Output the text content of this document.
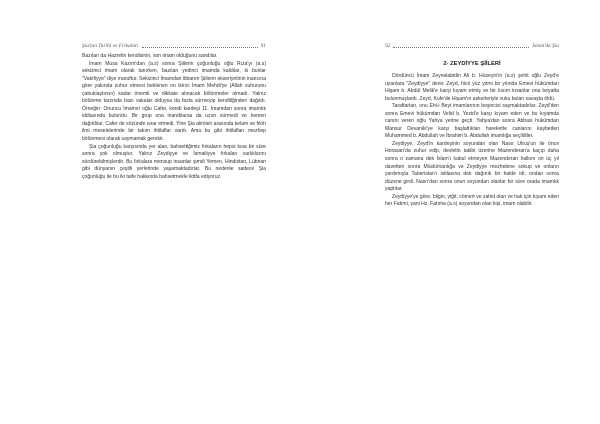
Şia'nın Tarihi ve Firkaları	91

Bazıları da Hazretin kendisinin, son imam olduğunu sandılar.

İmam Musa Kazım'dan (a.s) sonra Şiilerin çoğunluğu oğlu Rıza'yı (a.s) sekizinci imam olarak tanırken, bazıları yedinci imamda kaldılar, ki bunlar "Vakıfiyye" diye maruftur. Sekizinci İmamdan itibaren Şiilerin ekseriyetinin inancına göre yakında zuhur etmesi beklenen on ikinci İmam Mehdi'ye (Allah zuhurunu çabuklaştırsın) kadar önemli ve dikkate alınacak bölünmeler olmadı. Yalnız bölünme tarzında bazı vakalar olduysa da fazla sürmeyip kendiliğinden dağıldı. Örneğin: Onuncu İmamın oğlu Cafer, kendi kardeşi 11. İmamdan sonra imamlık iddiasında bulundu. Bir grup ona inandılarsa da uzun sürmedi ve hemen dağıldılar. Cafer de sözünde ısrar etmedi. Yine Şia alimleri arasında kelam ve fıkıh ilmi meselelerinde bir takım ihtilaflar vardı. Ama bu gibi ihtilafları mezhep bölünmesi olarak saymamak gerekir.

Şia çoğunluğu karşısında yer alan, bahsettiğimiz fırkaların hepsi kısa bir süre sonra yok olmuştur. Yalnız Zeydiyye ve İsmailiyye fırkaları varlıklarını sürdürebilmişlerdir. Bu fırkalara mensup insanlar şimdi Yemen, Hindistan, Lübnan gibi dünyanın çeşitli yerlerinde yaşamaktadırlar. Bu nedenle sadece Şia çoğunluğu ile bu iki taife hakkında bahsetmekle iktifa ediyoruz.

92	İslam'da Şia
2- ZEYDİYYE ŞİİLERİ

Dördüncü İmam Zeynelabidin Ali b. Hüseyin'in (a.s) şehit oğlu Zeyd'e uyanlara "Zeydiyye" denir. Zeyd, hicri yüz yirmi bir yılında Emevi hükümdarı Hişam b. Abdül Melik'e karşı kıyam etmiş ve bir kısım insanlar ona beyatta bulunmuşlardı. Zeyd, Kufe'de Hişam'ın askerleriyle vuku bulan savaşta öldü.

Taraftarları, onu Ehl-i Beyt imamlarının beşincisi saymaktadırlar. Zeyd'den sonra Emevi hükümdarı Velid b. Yezid'e karşı kıyam eden ve bu kıyamda canını veren oğlu Yahya yerine geçti. Yahya'dan sonra Abbasi hükümdarı Mansur Devaniki'ye karşı başlattıkları harekette canlarını kaybeden Muhammed b. Abdullah ve İbrahim b. Abdullah imamlığa seçildiler.

Zeydiyye, Zeyd'in kardeşinin soyundan olan Nasır Utruş'un ile önce Horasan'da zuhur edip, devletin takibi üzerine Mazenderan'a kaçıp daha sonra o zamana dek İslam'ı kabul etmeyen Mazenderan halkını on üç yıl davetten sonra Müslümanlığa ve Zeydiyye mezhebine sokup ve onların yardımıyla Taberistan'ı istilasına dek dağınık bir halde idi; ondan sonra düzene girdi. Nasır'dan sonra onun soyundan olanlar bir süre orada imamlık yaptılar.

Zeydiyye'ye göre, bilgin, yiğit, cömert ve zahid olan ve hak için kıyam eden her Fatımi, yani Hz. Fatıma (a.s) soyundan olan kişi, imam olabilir.
